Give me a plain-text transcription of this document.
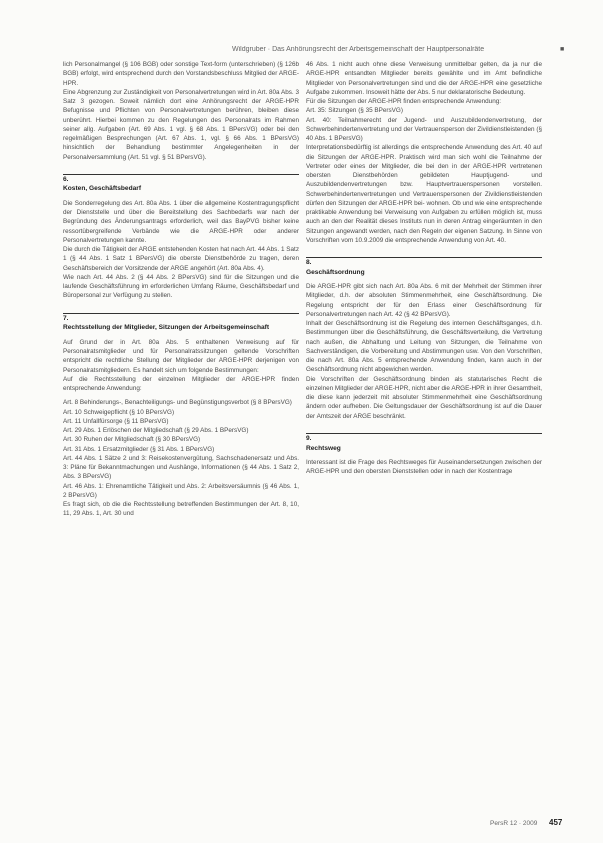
Wildgruber · Das Anhörungsrecht der Arbeitsgemeinschaft der Hauptpersonalräte	■

lich Personalmangel (§ 106 BGB) oder sonstige Text-form (unterschrieben) (§ 126b BGB) erfolgt, wird entsprechend durch den Vorstandsbeschluss Mitglied der ARGE-HPR.

Eine Abgrenzung zur Zuständigkeit von Personalvertretungen wird in Art. 80a Abs. 3 Satz 3 gezogen. Soweit nämlich dort eine Anhörungsrecht der ARGE-HPR Befugnisse und Pflichten von Personalvertretungen berühren, bleiben diese unberührt. Hierbei kommen zu den Regelungen des Personalrats im Rahmen seiner allg. Aufgaben (Art. 69 Abs. 1 vgl. § 68 Abs. 1 BPersVG) oder bei den regelmäßigen Besprechungen (Art. 67 Abs. 1, vgl. § 66 Abs. 1 BPersVG) hinsichtlich der Behandlung bestimmter Angelegenheiten in der Personalversammlung (Art. 51 vgl. § 51 BPersVG).

6.
Kosten, Geschäftsbedarf

Die Sonderregelung des Art. 80a Abs. 1 über die allgemeine Kostentragungspflicht der Dienststelle und über die Bereitstellung des Sachbedarfs war nach der Begründung des Änderungsantrags erforderlich, weil das BayPVG bisher keine ressortübergreifende Verbände wie die ARGE-HPR oder anderer Personalvertretungen kannte.

Die durch die Tätigkeit der ARGE entstehenden Kosten hat nach Art. 44 Abs. 1 Satz 1 (§ 44 Abs. 1 Satz 1 BPersVG) die oberste Dienstbehörde zu tragen, deren Geschäftsbereich der Vorsitzende der ARGE angehört (Art. 80a Abs. 4).

Wie nach Art. 44 Abs. 2 (§ 44 Abs. 2 BPersVG) sind für die Sitzungen und die laufende Geschäftsführung im erforderlichen Umfang Räume, Geschäftsbedarf und Büropersonal zur Verfügung zu stellen.

7.
Rechtsstellung der Mitglieder, Sitzungen der Arbeitsgemeinschaft

Auf Grund der in Art. 80a Abs. 5 enthaltenen Verweisung auf für Personalratsmitglieder und für Personalratssitzungen geltende Vorschriften entspricht die rechtliche Stellung der Mitglieder der ARGE-HPR derjenigen von Personalratsmitgliedern. Es handelt sich um folgende Bestimmungen:

Auf die Rechtsstellung der einzelnen Mitglieder der ARGE-HPR finden entsprechende Anwendung:

Art. 8 Behinderungs-, Benachteiligungs- und Begünstigungsverbot (§ 8 BPersVG)

Art. 10 Schweigepflicht (§ 10 BPersVG)

Art. 11 Unfallfürsorge (§ 11 BPersVG)

Art. 29 Abs. 1 Erlöschen der Mitgliedschaft (§ 29 Abs. 1 BPersVG)

Art. 30 Ruhen der Mitgliedschaft (§ 30 BPersVG)

Art. 31 Abs. 1 Ersatzmitglieder (§ 31 Abs. 1 BPersVG)

Art. 44 Abs. 1 Sätze 2 und 3: Reisekostenvergütung, Sachschadenersatz und Abs. 3: Pläne für Bekanntmachungen und Aushänge, Informationen (§ 44 Abs. 1 Satz 2, Abs. 3 BPersVG)

Art. 46 Abs. 1: Ehrenamtliche Tätigkeit und Abs. 2: Arbeitsversäumnis (§ 46 Abs. 1, 2 BPersVG)

Es fragt sich, ob die die Rechtsstellung betreffenden Bestimmungen der Art. 8, 10, 11, 29 Abs. 1, Art. 30 und

46 Abs. 1 nicht auch ohne diese Verweisung unmittelbar gelten, da ja nur die ARGE-HPR entsandten Mitglieder bereits gewählte und im Amt befindliche Mitglieder von Personalvertretungen sind und die der ARGE-HPR eine gesetzliche Aufgabe zukommen. Insoweit hätte der Abs. 5 nur deklaratorische Bedeutung.

Für die Sitzungen der ARGE-HPR finden entsprechende Anwendung:

Art. 35: Sitzungen (§ 35 BPersVG)

Art. 40: Teilnahmerecht der Jugend- und Auszubildendenvertretung, der Schwerbehindertenvertretung und der Vertrauensperson der Zivildienstleistenden (§ 40 Abs. 1 BPersVG)

Interpretationsbedürftig ist allerdings die entsprechende Anwendung des Art. 40 auf die Sitzungen der ARGE-HPR. Praktisch wird man sich wohl die Teilnahme der Vertreter oder eines der Mitglieder, die bei den in der ARGE-HPR vertretenen obersten Dienstbehörden gebildeten Hauptjugend- und Auszubildendenvertretungen bzw. Hauptvertrauenspersonen vorstellen. Schwerbehindertenvertretungen und Vertrauenspersonen der Zivildienstleistenden dürfen den Sitzungen der ARGE-HPR bei- wohnen. Ob und wie eine entsprechende praktikable Anwendung bei Verweisung von Aufgaben zu erfüllen möglich ist, muss auch an den der Realität dieses Instituts nun in deren Antrag eingeräumten in den Sitzungen angewandt werden, nach den Regeln der eigenen Satzung. In Sinne von Vorschriften vom 10.9.2009 die entsprechende Anwendung von Art. 40.

8.
Geschäftsordnung

Die ARGE-HPR gibt sich nach Art. 80a Abs. 6 mit der Mehrheit der Stimmen ihrer Mitglieder, d.h. der absoluten Stimmenmehrheit, eine Geschäftsordnung. Die Regelung entspricht der für den Erlass einer Geschäftsordnung für Personalvertretungen nach Art. 42 (§ 42 BPersVG).

Inhalt der Geschäftsordnung ist die Regelung des internen Geschäftsganges, d.h. Bestimmungen über die Geschäftsführung, die Geschäftsverteilung, die Vertretung nach außen, die Abhaltung und Leitung von Sitzungen, die Teilnahme von Sachverständigen, die Vorbereitung und Abstimmungen usw. Von den Vorschriften, die nach Art. 80a Abs. 5 entsprechende Anwendung finden, kann auch in der Geschäftsordnung nicht abgewichen werden.

Die Vorschriften der Geschäftsordnung binden als statutarisches Recht die einzelnen Mitglieder der ARGE-HPR, nicht aber die ARGE-HPR in ihrer Gesamtheit, die diese kann jederzeit mit absoluter Stimmenmehrheit eine Geschäftsordnung ändern oder aufheben. Die Geltungsdauer der Geschäftsordnung ist auf die Dauer der Amtszeit der ARGE beschränkt.

9.
Rechtsweg

Interessant ist die Frage des Rechtsweges für Auseinandersetzungen zwischen der ARGE-HPR und den obersten Dienststellen oder in nach der Kostentrage

PersR 12 · 2009 457
